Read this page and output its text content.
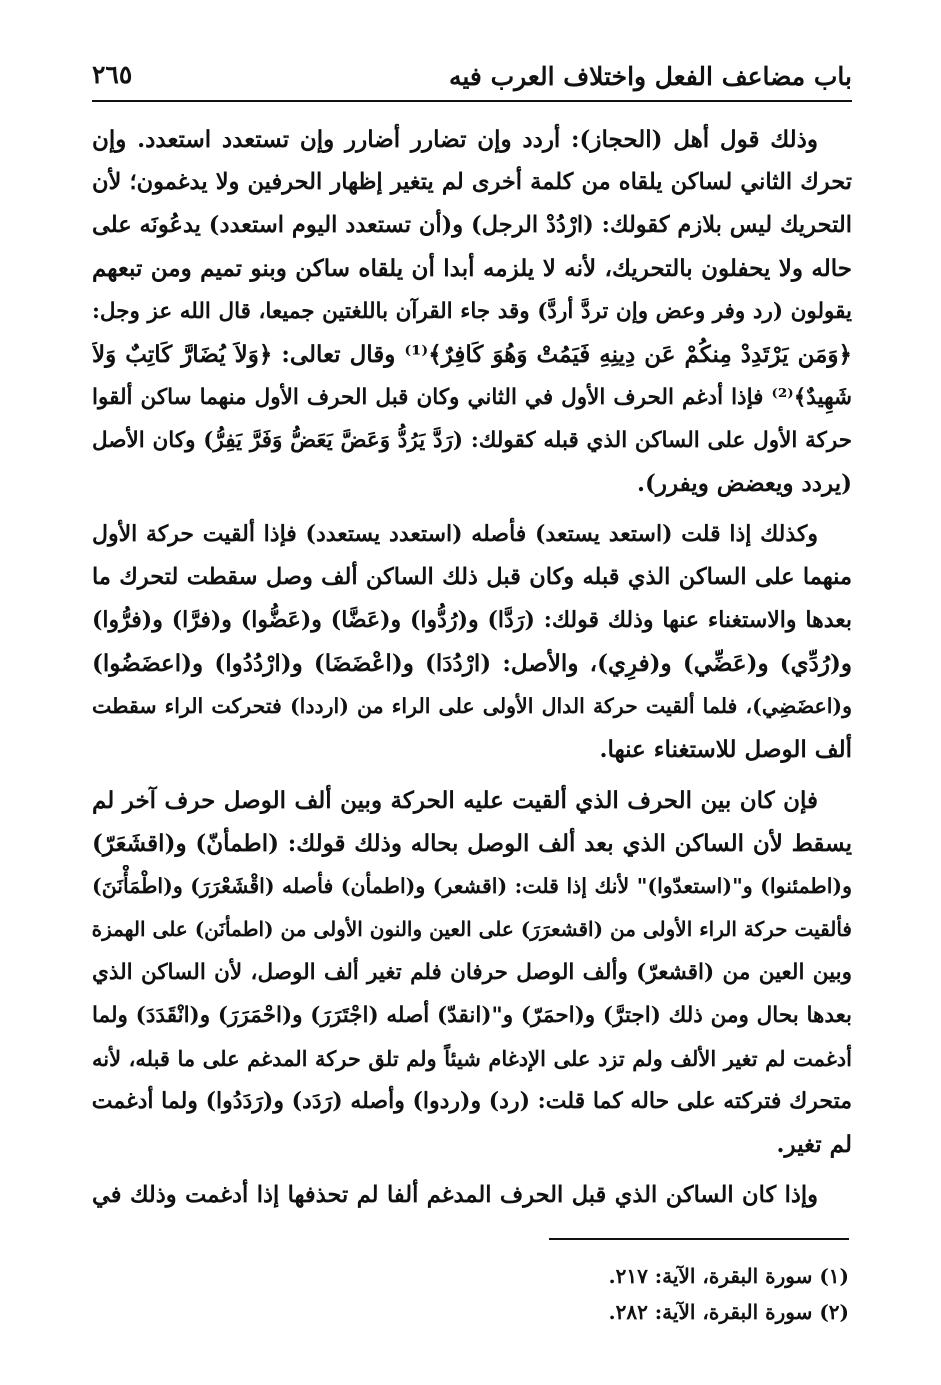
باب مضاعف الفعل واختلاف العرب فيه
٢٦٥
وذلك قول أهل (الحجاز): أردد وإن تضارر أضارر وإن تستعدد استعدد. وإن
تحرك الثاني لساكن يلقاه من كلمة أخرى لم يتغير إظهار الحرفين ولا يدغمون؛ لأن
التحريك ليس بلازم كقولك: (ارْدُدْ الرجل) و(أن تستعدد اليوم استعدد) يدعُونَه على
حاله ولا يحفلون بالتحريك، لأنه لا يلزمه أبدا أن يلقاه ساكن وبنو تميم ومن تبعهم
يقولون (رد وفر وعض وإن تردَّ أردَّ) وقد جاء القرآن باللغتين جميعا، قال الله عز وجل:
﴿وَمَن يَرْتَدِدْ مِنكُمْ عَن دِينِهِ فَيَمُتْ وَهُوَ كَافِرٌ﴾⁽¹⁾ وقال تعالى: ﴿وَلاَ يُضَارَّ كَاتِبٌ وَلاَ
شَهِيدٌ﴾⁽²⁾ فإذا أدغم الحرف الأول في الثاني وكان قبل الحرف الأول منهما ساكن ألقوا
حركة الأول على الساكن الذي قبله كقولك: (رَدَّ يَرُدُّ وَعَضَّ يَعَضُّ وَفَرَّ يَفِرُّ) وكان الأصل
(يردد ويعضض ويفرر).
وكذلك إذا قلت (استعد يستعد) فأصله (استعدد يستعدد) فإذا ألقيت حركة الأول
منهما على الساكن الذي قبله وكان قبل ذلك الساكن ألف وصل سقطت لتحرك ما
بعدها والاستغناء عنها وذلك قولك: (رَدَّا) و(رُدُّوا) و(عَضَّا) و(عَضُّوا) و(فرَّا) و(فرُّوا)
و(رُدِّي) و(عَضِّي) و(فرِي)، والأصل: (ارْدُدَا) و(اعْضَضَا) و(ارْدُدُوا) و(اعضَضُوا)
و(اعضَضِي)، فلما ألقيت حركة الدال الأولى على الراء من (ارددا) فتحركت الراء سقطت
ألف الوصل للاستغناء عنها.
فإن كان بين الحرف الذي ألقيت عليه الحركة وبين ألف الوصل حرف آخر لم
يسقط لأن الساكن الذي بعد ألف الوصل بحاله وذلك قولك: (اطمأنّ) و(اقشَعَرّ)
و(اطمئنوا) و"(استعدّوا)" لأنك إذا قلت: (اقشعر) و(اطمأن) فأصله (اقْشَعْرَرَ) و(اطْمَأْنَنَ)
فألقيت حركة الراء الأولى من (اقشعرَرَ) على العين والنون الأولى من (اطمأنَن) على الهمزة
وبين العين من (اقشعرّ) وألف الوصل حرفان فلم تغير ألف الوصل، لأن الساكن الذي
بعدها بحال ومن ذلك (اجترَّ) و(احمَرّ) و"(انقدّ) أصله (اجْتَرَرَ) و(احْمَرَرَ) و(انْقَدَدَ) ولما
أدغمت لم تغير الألف ولم تزد على الإدغام شيئاً ولم تلق حركة المدغم على ما قبله، لأنه
متحرك فتركته على حاله كما قلت: (رد) و(ردوا) وأصله (رَدَد) و(رَدَدُوا) ولما أدغمت
لم تغير.
وإذا كان الساكن الذي قبل الحرف المدغم ألفا لم تحذفها إذا أدغمت وذلك في
(١) سورة البقرة، الآية: ٢١٧.
(٢) سورة البقرة، الآية: ٢٨٢.
